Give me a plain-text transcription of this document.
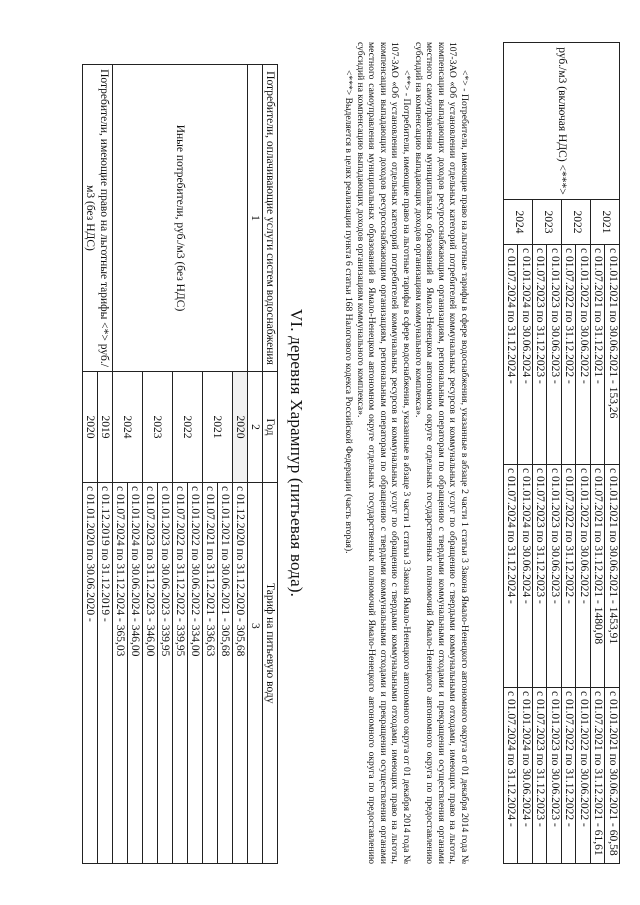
руб./м3 (включая НДС) <***>	2021	с 01.01.2021 по 30.06.2021 - 153,26	с 01.01.2021 по 30.06.2021 - 1453,91	с 01.01.2021 по 30.06.2021 - 60,58
		с 01.07.2021 по 31.12.2021 -	с 01.07.2021 по 31.12.2021 - 1480,08	с 01.07.2021 по 31.12.2021 - 61,61
	2022	с 01.01.2022 по 30.06.2022 -	с 01.01.2022 по 30.06.2022 -	с 01.01.2022 по 30.06.2022 -
		с 01.07.2022 по 31.12.2022 -	с 01.07.2022 по 31.12.2022 -	с 01.07.2022 по 31.12.2022 -
	2023	с 01.01.2023 по 30.06.2023 -	с 01.01.2023 по 30.06.2023 -	с 01.01.2023 по 30.06.2023 -
		с 01.07.2023 по 31.12.2023 -	с 01.07.2023 по 31.12.2023 -	с 01.07.2023 по 31.12.2023 -
	2024	с 01.01.2024 по 30.06.2024 -	с 01.01.2024 по 30.06.2024 -	с 01.01.2024 по 30.06.2024 -
		с 01.07.2024 по 31.12.2024 -	с 01.07.2024 по 31.12.2024 -	с 01.07.2024 по 31.12.2024 -

<*> - Потребители, имеющие право на льготные тарифы в сфере водоснабжения, указанные в абзаце 2 части 1 статьи 3 Закона Ямало-Ненецкого автономного округа от 01 декабря 2014 года № 107-ЗАО «Об установлении отдельных категорий потребителей коммунальных ресурсов и коммунальных услуг по обращению с твердыми коммунальными отходами, имеющих право на льготы, компенсации выпадающих доходов ресурсоснабжающим организациям, региональным операторам по обращению с твердыми коммунальными отходами и прекращении осуществления органами местного самоуправления муниципальных образований в Ямало-Ненецком автономном округе отдельных государственных полномочий Ямало-Ненецкого автономного округа по предоставлению субсидий на компенсацию выпадающих доходов организациям коммунального комплекса».

<**> - Потребители, имеющие право на льготные тарифы в сфере водоснабжения, указанные в абзаце 3 части 1 статьи 3 Закона Ямало-Ненецкого автономного округа от 01 декабря 2014 года № 107-ЗАО «Об установлении отдельных категорий потребителей коммунальных ресурсов и коммунальных услуг по обращению с твердыми коммунальными отходами, имеющих право на льготы, компенсации выпадающих доходов ресурсоснабжающим организациям, региональным операторам по обращению с твердыми коммунальными отходами и прекращении осуществления органами местного самоуправления муниципальных образований в Ямало-Ненецком автономном округе отдельных государственных полномочий Ямало-Ненецкого автономного округа по предоставлению субсидий на компенсацию выпадающих доходов организациям коммунального комплекса».

<***> Выделяется в целях реализации пункта 6 статьи 168 Налогового кодекса Российской Федерации (часть вторая).

VI. деревня Харампур (питьевая вода).
Потребители, оплачивающие услуги систем водоснабжения	Год	Тариф на питьевую воду
1	2	3
Иные потребители, руб./м3 (без НДС)	2020	с 01.12.2020 по 31.12.2020 - 305,68
	2021	с 01.01.2021 по 30.06.2021 - 305,68
		с 01.07.2021 по 31.12.2021 - 336,63
	2022	с 01.01.2022 по 30.06.2022 - 334,00
		с 01.07.2022 по 31.12.2022 - 339,95
	2023	с 01.01.2023 по 30.06.2023 - 339,95
		с 01.07.2023 по 31.12.2023 - 346,00
	2024	с 01.01.2024 по 30.06.2024 - 346,00
		с 01.07.2024 по 31.12.2024 - 365,03
Потребители, имеющие право на льготные тарифы <*> руб./м3 (без НДС)	2019	с 01.12.2019 по 31.12.2019 -
	2020	с 01.01.2020 по 30.06.2020 -
